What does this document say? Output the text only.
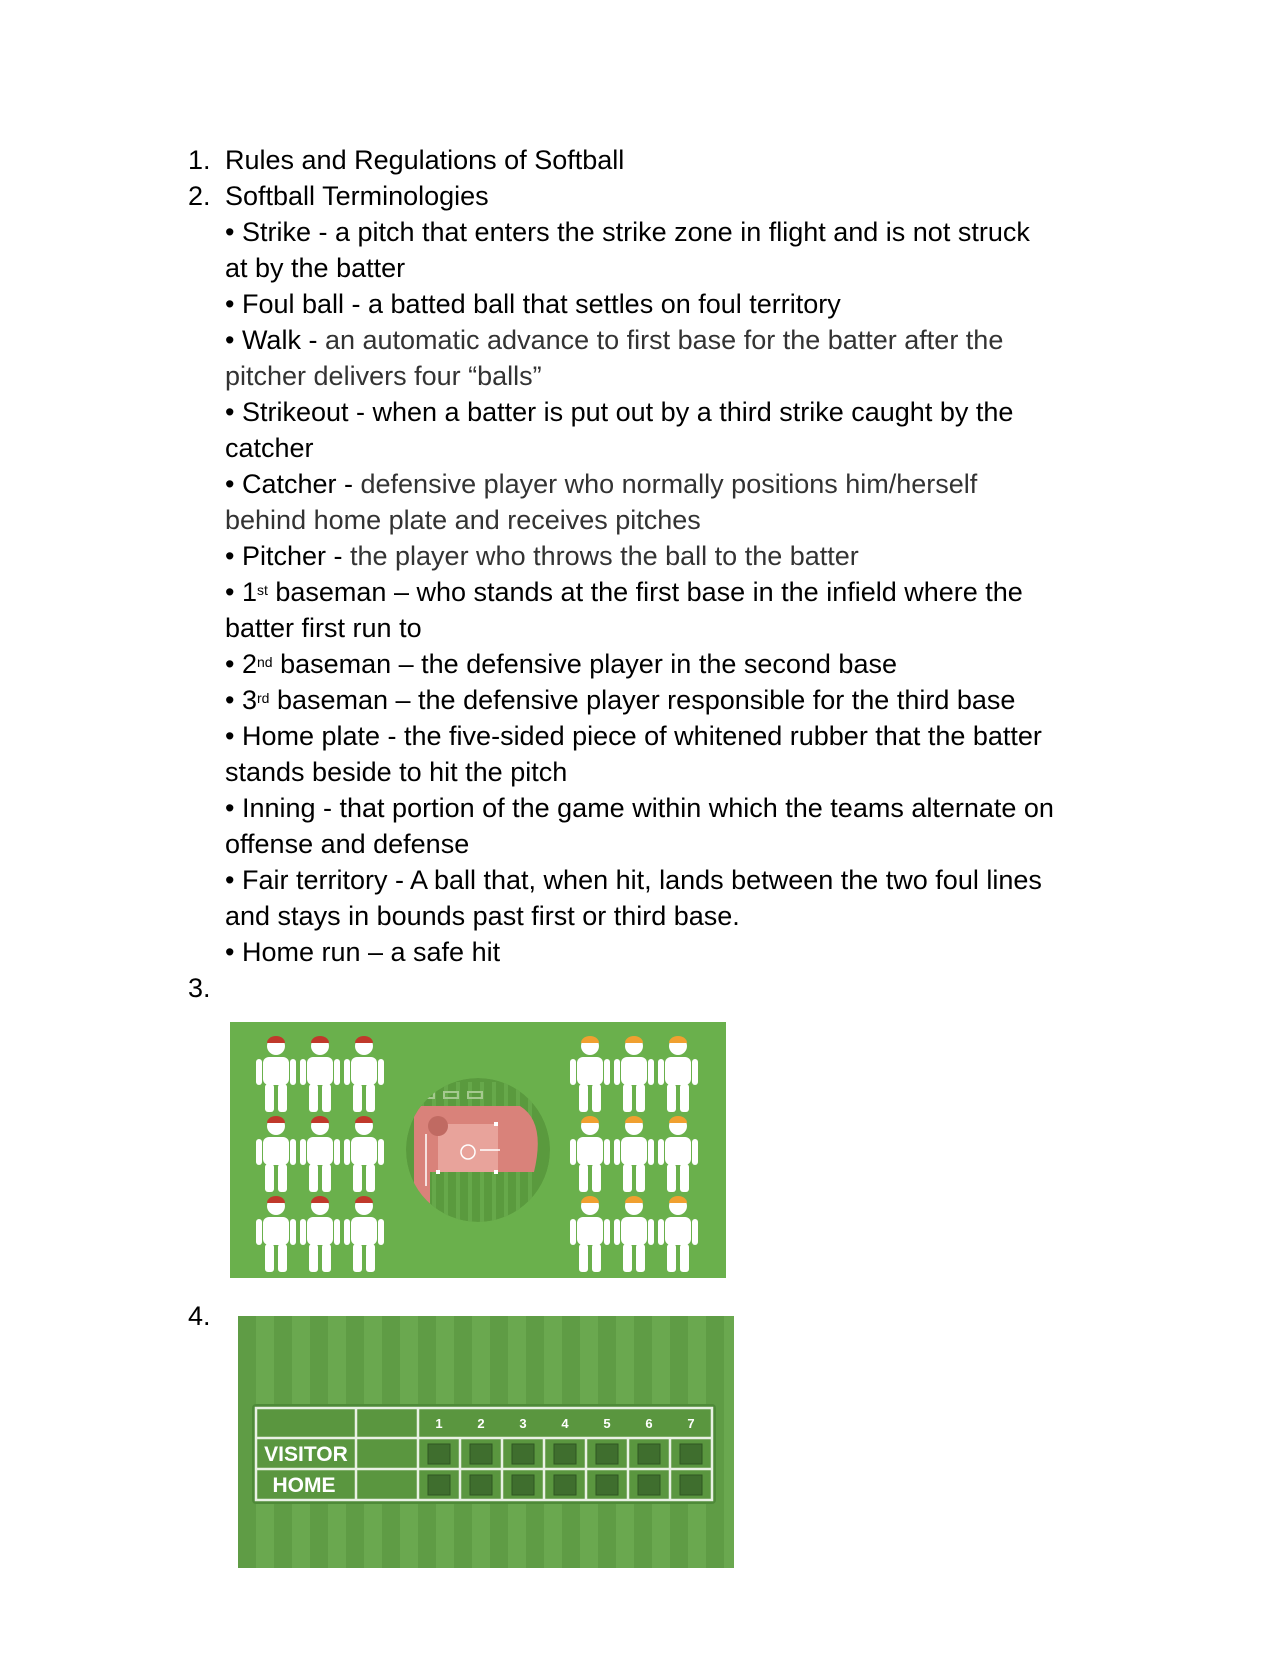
1. Rules and Regulations of Softball
2. Softball Terminologies
• Strike - a pitch that enters the strike zone in flight and is not struck
at by the batter
• Foul ball - a batted ball that settles on foul territory
• Walk - an automatic advance to first base for the batter after the
pitcher delivers four “balls”
• Strikeout - when a batter is put out by a third strike caught by the
catcher
• Catcher - defensive player who normally positions him/herself
behind home plate and receives pitches
• Pitcher - the player who throws the ball to the batter
• 1st baseman – who stands at the first base in the infield where the
batter first run to
• 2nd baseman – the defensive player in the second base
• 3rd baseman – the defensive player responsible for the third base
• Home plate - the five-sided piece of whitened rubber that the batter
stands beside to hit the pitch
• Inning - that portion of the game within which the teams alternate on
offense and defense
• Fair territory - A ball that, when hit, lands between the two foul lines
and stays in bounds past first or third base.
• Home run – a safe hit
3.
4.
1	2	3	4	5	6	7
VISITOR
HOME
